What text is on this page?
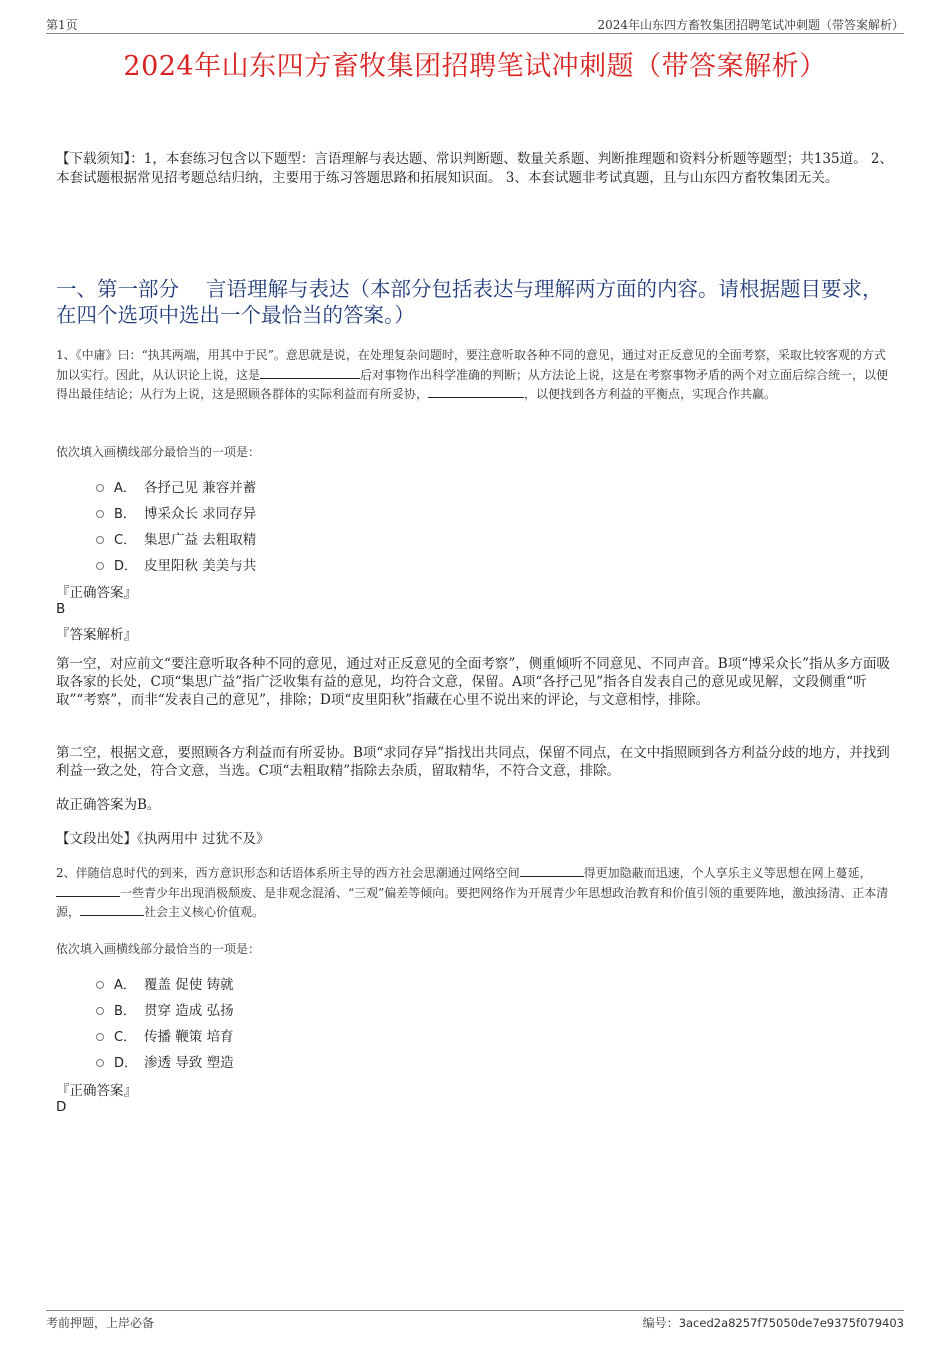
第1页	2024年山东四方畜牧集团招聘笔试冲刺题（带答案解析）
2024年山东四方畜牧集团招聘笔试冲刺题（带答案解析）
【下载须知】：1，本套练习包含以下题型：言语理解与表达题、常识判断题、数量关系题、判断推理题和资料分析题等题型；共135道。 2、本套试题根据常见招考题总结归纳，主要用于练习答题思路和拓展知识面。 3、本套试题非考试真题，且与山东四方畜牧集团无关。
一、第一部分　 言语理解与表达（本部分包括表达与理解两方面的内容。请根据题目要求，在四个选项中选出一个最恰当的答案。）
1、《中庸》曰：“执其两端，用其中于民”。意思就是说，在处理复杂问题时，要注意听取各种不同的意见，通过对正反意见的全面考察，采取比较客观的方式加以实行。因此，从认识论上说，这是	后对事物作出科学准确的判断；从方法论上说，这是在考察事物矛盾的两个对立面后综合统一，以便得出最佳结论；从行为上说，这是照顾各群体的实际利益而有所妥协，	，以便找到各方利益的平衡点，实现合作共赢。
依次填入画横线部分最恰当的一项是：
A． 各抒己见 兼容并蓄
B． 博采众长 求同存异
C． 集思广益 去粗取精
D． 皮里阳秋 美美与共
『正确答案』
B
『答案解析』
第一空，对应前文“要注意听取各种不同的意见，通过对正反意见的全面考察”，侧重倾听不同意见、不同声音。B项“博采众长”指从多方面吸取各家的长处，C项“集思广益”指广泛收集有益的意见，均符合文意，保留。A项“各抒己见”指各自发表自己的意见或见解，文段侧重“听取”“考察”，而非“发表自己的意见”，排除；D项“皮里阳秋”指藏在心里不说出来的评论，与文意相悖，排除。
第二空，根据文意，要照顾各方利益而有所妥协。B项“求同存异”指找出共同点，保留不同点，在文中指照顾到各方利益分歧的地方，并找到利益一致之处，符合文意，当选。C项“去粗取精”指除去杂质，留取精华，不符合文意，排除。
故正确答案为B。
【文段出处】《执两用中 过犹不及》
2、伴随信息时代的到来，西方意识形态和话语体系所主导的西方社会思潮通过网络空间	得更加隐蔽而迅速，个人享乐主义等思想在网上蔓延，一些青少年出现消极颓废、是非观念混淆、“三观”偏差等倾向。要把网络作为开展青少年思想政治教育和价值引领的重要阵地，激浊扬清、正本清源，	社会主义核心价值观。
依次填入画横线部分最恰当的一项是：
A． 覆盖 促使 铸就
B． 贯穿 造成 弘扬
C． 传播 鞭策 培育
D． 渗透 导致 塑造
『正确答案』
D
考前押题，上岸必备	编号：3aced2a8257f75050de7e9375f079403
